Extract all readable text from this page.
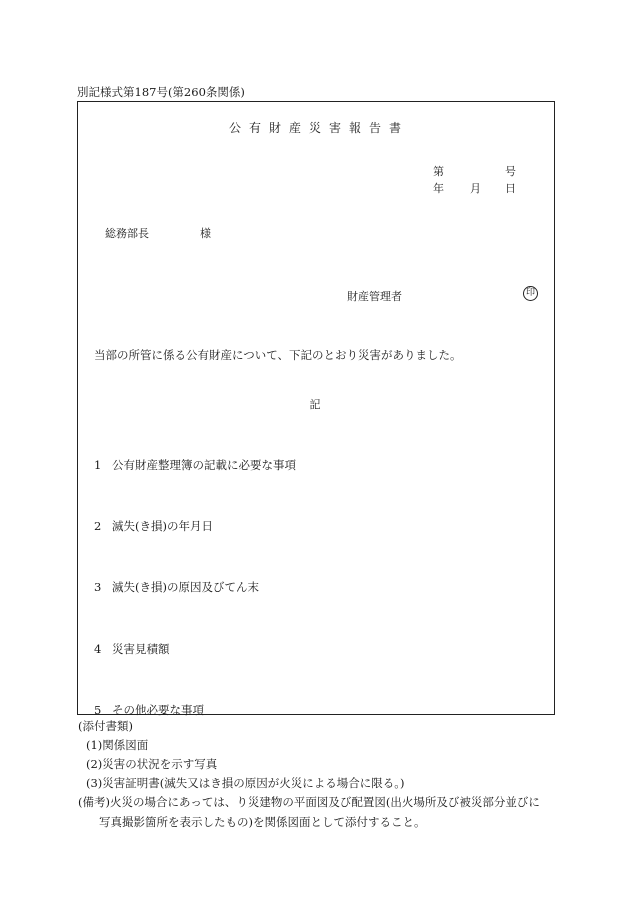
別記様式第187号(第260条関係)
公有財産災害報告書
第	号
年 月 日
総務部長	様
財産管理者	印
当部の所管に係る公有財産について、下記のとおり災害がありました。
記
1 公有財産整理簿の記載に必要な事項
2 滅失(き損)の年月日
3 滅失(き損)の原因及びてん末
4 災害見積額
5 その他必要な事項
(添付書類)
(1)関係図面
(2)災害の状況を示す写真
(3)災害証明書(滅失又はき損の原因が火災による場合に限る。)
(備考)火災の場合にあっては、り災建物の平面図及び配置図(出火場所及び被災部分並びに
写真撮影箇所を表示したもの)を関係図面として添付すること。
